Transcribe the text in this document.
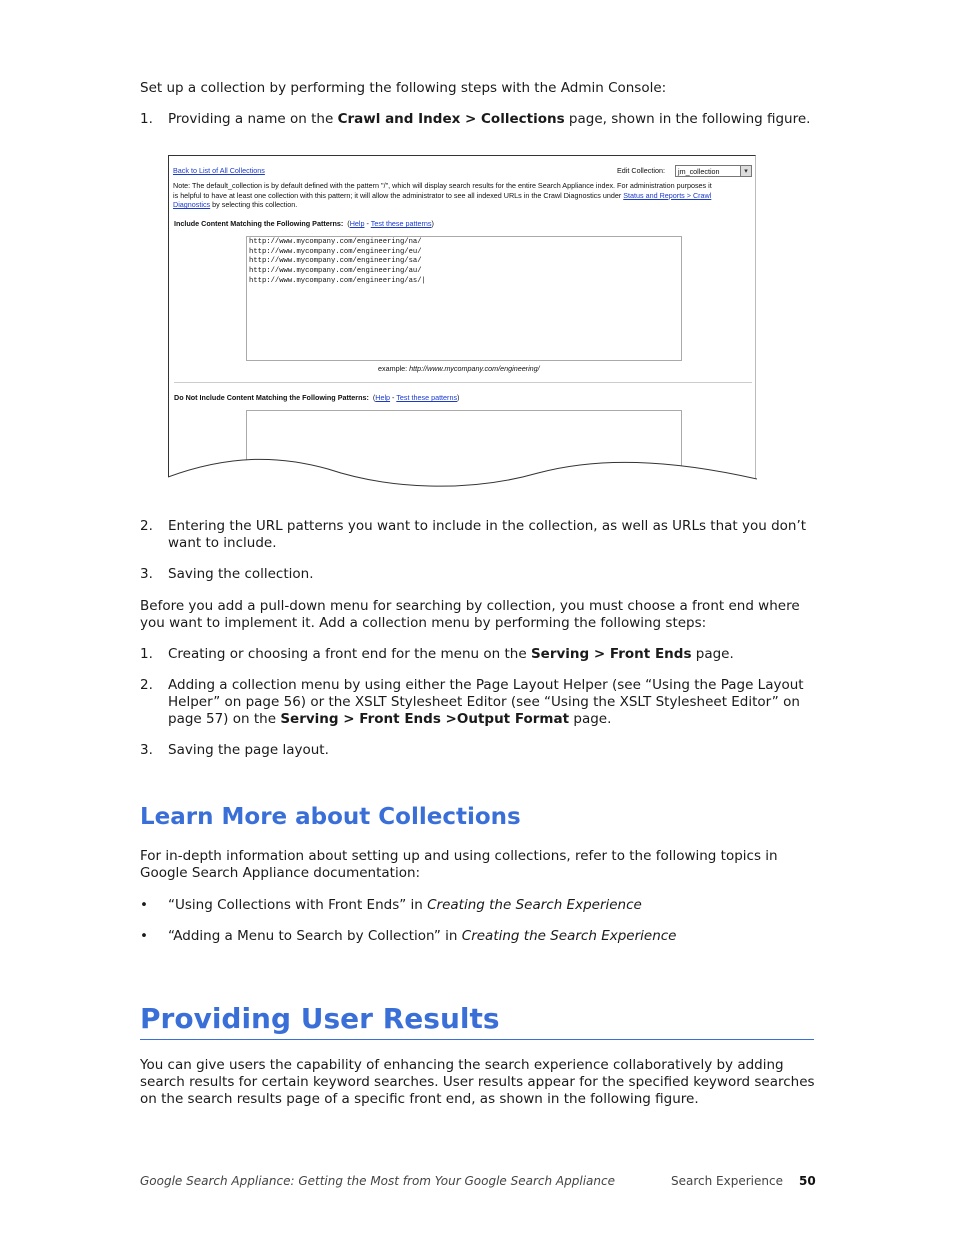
Set up a collection by performing the following steps with the Admin Console:

1. Providing a name on the Crawl and Index > Collections page, shown in the following figure.
Back to List of All Collections	Edit Collection: jm_collection	▾
Note: The default_collection is by default defined with the pattern "/", which will display search results for the entire Search Appliance index. For administration purposes it
is helpful to have at least one collection with this pattern; it will allow the administrator to see all indexed URLs in the Crawl Diagnostics under Status and Reports > Crawl
Diagnostics by selecting this collection.
Include Content Matching the Following Patterns:  (Help - Test these patterns)
http://www.mycompany.com/engineering/na/
http://www.mycompany.com/engineering/eu/
http://www.mycompany.com/engineering/sa/
http://www.mycompany.com/engineering/au/
http://www.mycompany.com/engineering/as/|
example: http://www.mycompany.com/engineering/
Do Not Include Content Matching the Following Patterns:  (Help - Test these patterns)
2. Entering the URL patterns you want to include in the collection, as well as URLs that you don’t want to include.
3. Saving the collection.

Before you add a pull-down menu for searching by collection, you must choose a front end where you want to implement it. Add a collection menu by performing the following steps:

1. Creating or choosing a front end for the menu on the Serving > Front Ends page.
2. Adding a collection menu by using either the Page Layout Helper (see “Using the Page Layout
Helper” on page 56) or the XSLT Stylesheet Editor (see “Using the XSLT Stylesheet Editor” on
page 57) on the Serving > Front Ends >Output Format page.
3. Saving the page layout.
Learn More about Collections

For in-depth information about setting up and using collections, refer to the following topics in Google Search Appliance documentation:

• “Using Collections with Front Ends” in Creating the Search Experience
• “Adding a Menu to Search by Collection” in Creating the Search Experience
Providing User Results

You can give users the capability of enhancing the search experience collaboratively by adding search results for certain keyword searches. User results appear for the specified keyword searches on the search results page of a specific front end, as shown in the following figure.

Google Search Appliance: Getting the Most from Your Google Search Appliance	Search Experience 50
